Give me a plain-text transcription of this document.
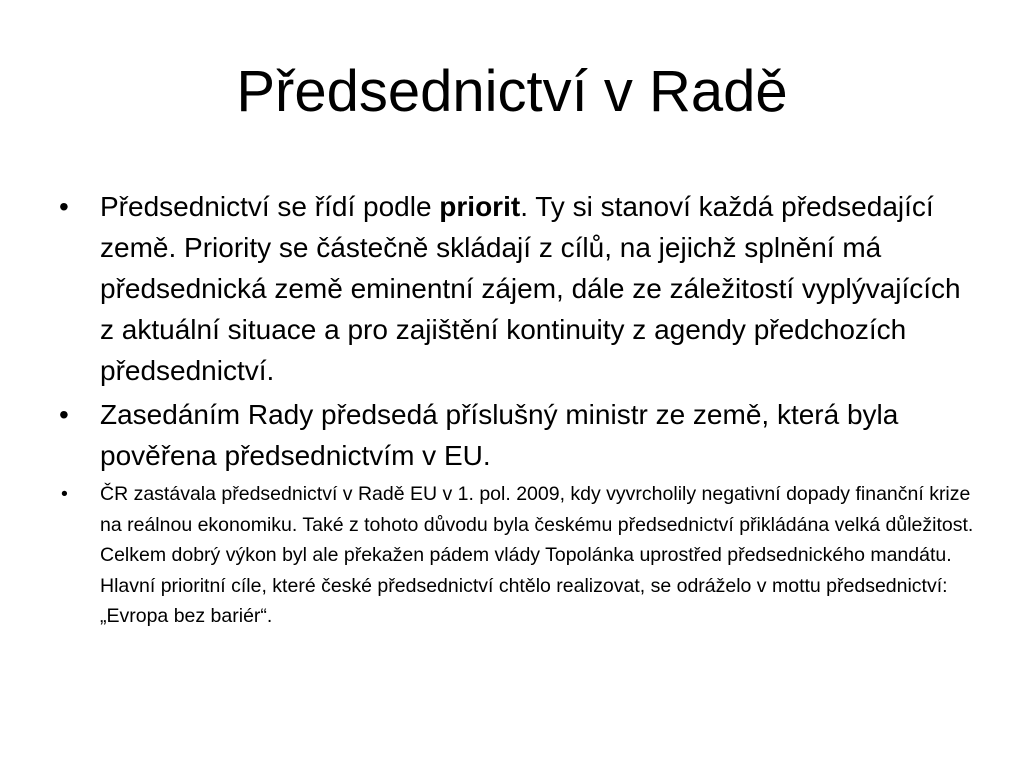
Předsednictví v Radě
• Předsednictví se řídí podle priorit. Ty si stanoví každá předsedající země. Priority se částečně skládají z cílů, na jejichž splnění má předsednická země eminentní zájem, dále ze záležitostí vyplývajících z aktuální situace a pro zajištění kontinuity z agendy předchozích předsednictví.
• Zasedáním Rady předsedá příslušný ministr ze země, která byla pověřena předsednictvím v EU.
• ČR zastávala předsednictví v Radě EU v 1. pol. 2009, kdy vyvrcholily negativní dopady finanční krize na reálnou ekonomiku. Také z tohoto důvodu byla českému předsednictví přikládána velká důležitost. Celkem dobrý výkon byl ale překažen pádem vlády Topolánka uprostřed předsednického mandátu. Hlavní prioritní cíle, které české předsednictví chtělo realizovat, se odráželo v mottu předsednictví: „Evropa bez bariér“.
